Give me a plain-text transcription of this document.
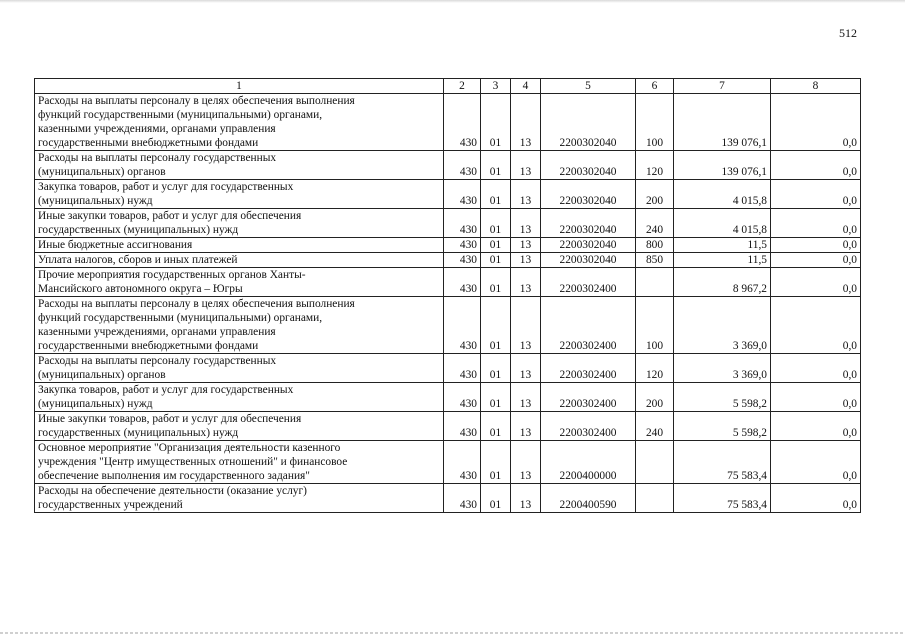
512
1	2	3	4	5	6	7	8

Расходы на выплаты персоналу в целях обеспечения выполнения
функций государственными (муниципальными) органами,
казенными учреждениями, органами управления
государственными внебюджетными фондами	430	01	13	2200302040	100	139 076,1	0,0

Расходы на выплаты персоналу государственных
(муниципальных) органов	430	01	13	2200302040	120	139 076,1	0,0

Закупка товаров, работ и услуг для государственных
(муниципальных) нужд	430	01	13	2200302040	200	4 015,8	0,0

Иные закупки товаров, работ и услуг для обеспечения
государственных (муниципальных) нужд	430	01	13	2200302040	240	4 015,8	0,0

Иные бюджетные ассигнования	430	01	13	2200302040	800	11,5	0,0

Уплата налогов, сборов и иных платежей	430	01	13	2200302040	850	11,5	0,0

Прочие мероприятия государственных органов Ханты-
Мансийского автономного округа – Югры	430	01	13	2200302400		8 967,2	0,0

Расходы на выплаты персоналу в целях обеспечения выполнения
функций государственными (муниципальными) органами,
казенными учреждениями, органами управления
государственными внебюджетными фондами	430	01	13	2200302400	100	3 369,0	0,0

Расходы на выплаты персоналу государственных
(муниципальных) органов	430	01	13	2200302400	120	3 369,0	0,0

Закупка товаров, работ и услуг для государственных
(муниципальных) нужд	430	01	13	2200302400	200	5 598,2	0,0

Иные закупки товаров, работ и услуг для обеспечения
государственных (муниципальных) нужд	430	01	13	2200302400	240	5 598,2	0,0

Основное мероприятие "Организация деятельности казенного
учреждения "Центр имущественных отношений" и финансовое
обеспечение выполнения им государственного задания"	430	01	13	2200400000		75 583,4	0,0

Расходы на обеспечение деятельности (оказание услуг)
государственных учреждений	430	01	13	2200400590		75 583,4	0,0
